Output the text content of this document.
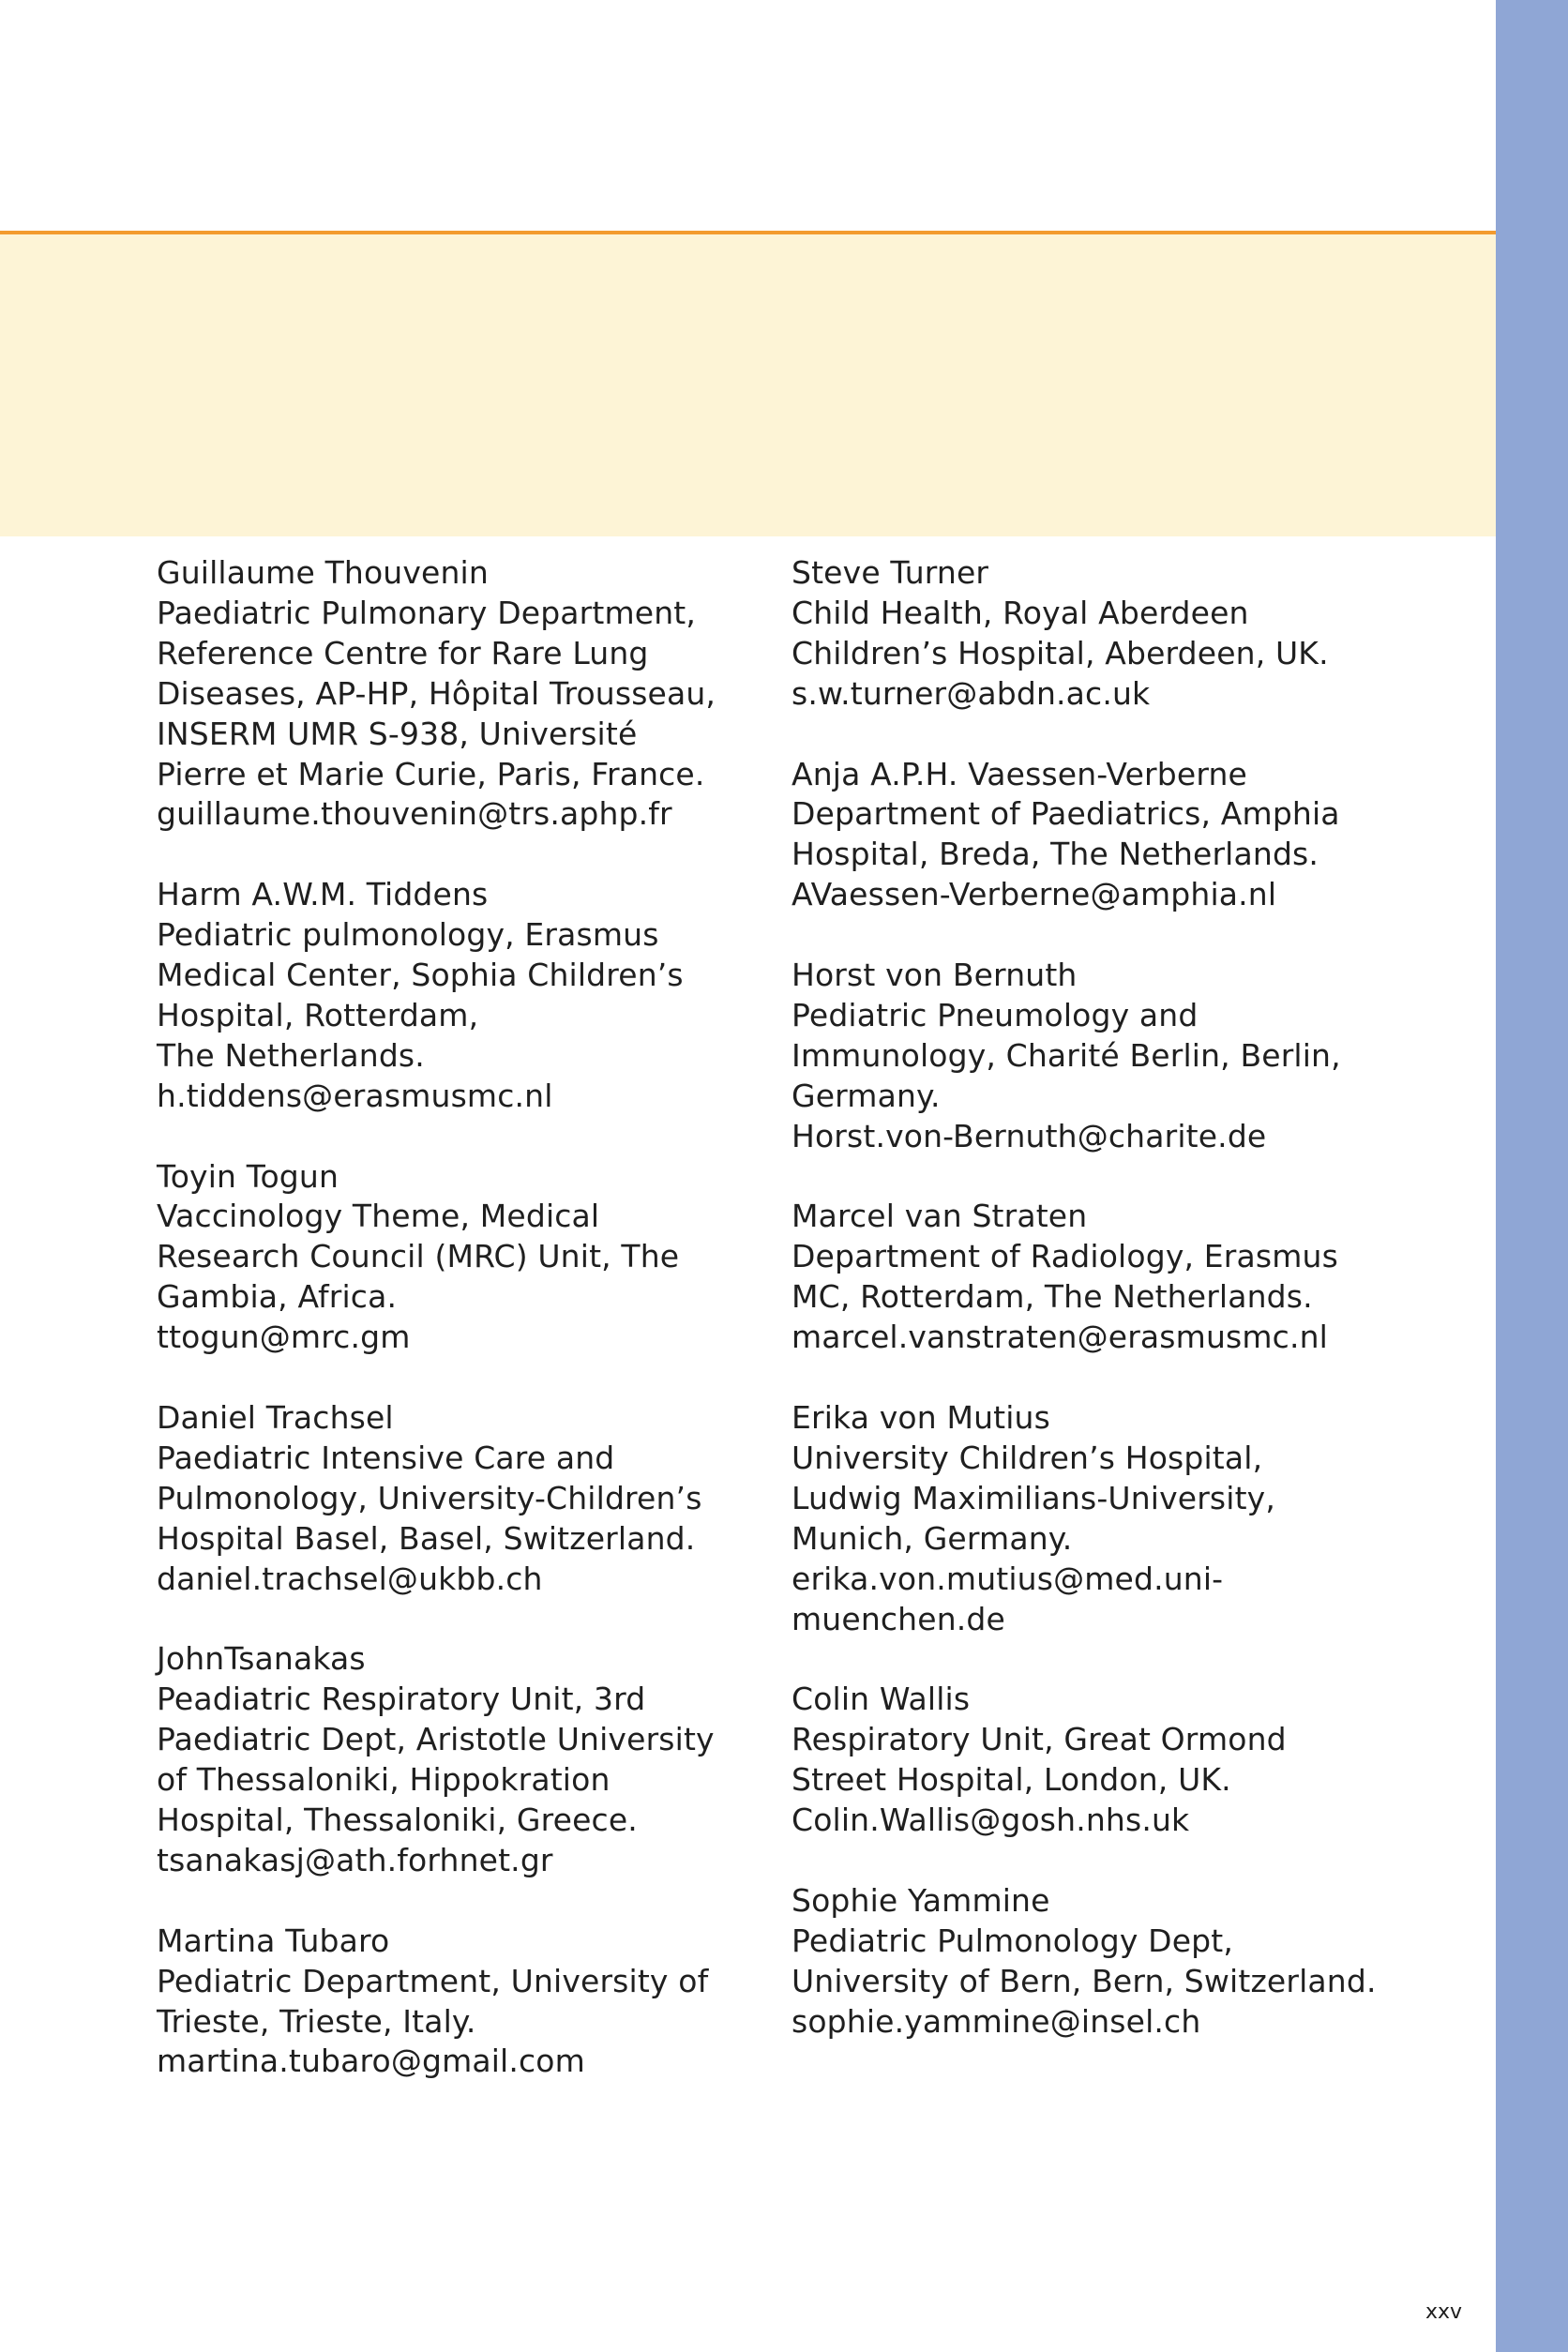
Guillaume Thouvenin
Paediatric Pulmonary Department,
Reference Centre for Rare Lung
Diseases, AP-HP, Hôpital Trousseau,
INSERM UMR S-938, Université
Pierre et Marie Curie, Paris, France.
guillaume.thouvenin@trs.aphp.fr
Harm A.W.M. Tiddens
Pediatric pulmonology, Erasmus
Medical Center, Sophia Children’s
Hospital, Rotterdam,
The Netherlands.
h.tiddens@erasmusmc.nl
Toyin Togun
Vaccinology Theme, Medical
Research Council (MRC) Unit, The
Gambia, Africa.
ttogun@mrc.gm
Daniel Trachsel
Paediatric Intensive Care and
Pulmonology, University-Children’s
Hospital Basel, Basel, Switzerland.
daniel.trachsel@ukbb.ch
JohnTsanakas
Peadiatric Respiratory Unit, 3rd
Paediatric Dept, Aristotle University
of Thessaloniki, Hippokration
Hospital, Thessaloniki, Greece.
tsanakasj@ath.forhnet.gr
Martina Tubaro
Pediatric Department, University of
Trieste, Trieste, Italy.
martina.tubaro@gmail.com
Steve Turner
Child Health, Royal Aberdeen
Children’s Hospital, Aberdeen, UK.
s.w.turner@abdn.ac.uk
Anja A.P.H. Vaessen-Verberne
Department of Paediatrics, Amphia
Hospital, Breda, The Netherlands.
AVaessen-Verberne@amphia.nl
Horst von Bernuth
Pediatric Pneumology and
Immunology, Charité Berlin, Berlin,
Germany.
Horst.von-Bernuth@charite.de
Marcel van Straten
Department of Radiology, Erasmus
MC, Rotterdam, The Netherlands.
marcel.vanstraten@erasmusmc.nl
Erika von Mutius
University Children’s Hospital,
Ludwig Maximilians-University,
Munich, Germany.
erika.von.mutius@med.uni-
muenchen.de
Colin Wallis
Respiratory Unit, Great Ormond
Street Hospital, London, UK.
Colin.Wallis@gosh.nhs.uk
Sophie Yammine
Pediatric Pulmonology Dept,
University of Bern, Bern, Switzerland.
sophie.yammine@insel.ch
xxv
